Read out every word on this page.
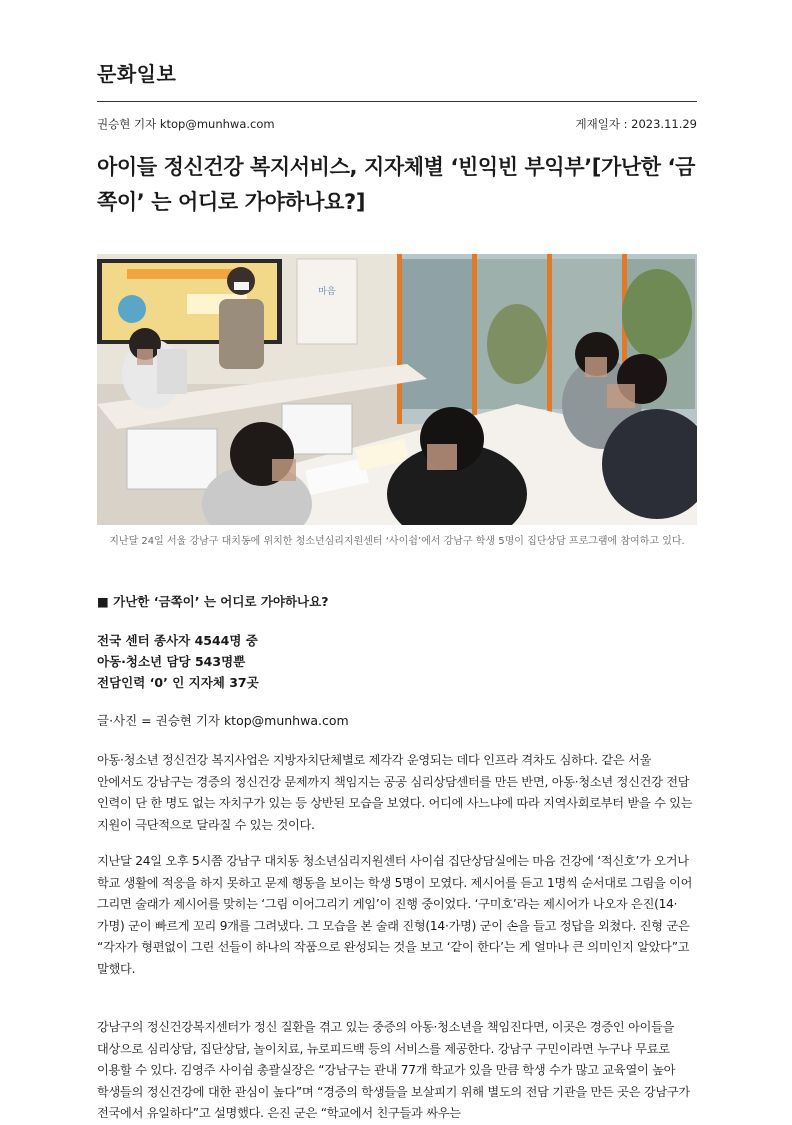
문화일보
권승현 기자 ktop@munhwa.com	게재일자 : 2023.11.29
아이들 정신건강 복지서비스, 지자체별 ‘빈익빈 부익부’[가난한 ‘금쪽이’ 는 어디로 가야하나요?]
마음
지난달 24일 서울 강남구 대치동에 위치한 청소년심리지원센터 ‘사이쉼’에서 강남구 학생 5명이 집단상담 프로그램에 참여하고 있다.
■ 가난한 ‘금쪽이’ 는 어디로 가야하나요?
전국 센터 종사자 4544명 중
아동·청소년 담당 543명뿐
전담인력 ‘0’ 인 지자체 37곳
글·사진 = 권승현 기자 ktop@munhwa.com

아동·청소년 정신건강 복지사업은 지방자치단체별로 제각각 운영되는 데다 인프라 격차도 심하다. 같은 서울 안에서도 강남구는 경증의 정신건강 문제까지 책임지는 공공 심리상담센터를 만든 반면, 아동·청소년 정신건강 전담 인력이 단 한 명도 없는 자치구가 있는 등 상반된 모습을 보였다. 어디에 사느냐에 따라 지역사회로부터 받을 수 있는 지원이 극단적으로 달라질 수 있는 것이다.

지난달 24일 오후 5시쯤 강남구 대치동 청소년심리지원센터 사이쉼 집단상담실에는 마음 건강에 ‘적신호’가 오거나 학교 생활에 적응을 하지 못하고 문제 행동을 보이는 학생 5명이 모였다. 제시어를 듣고 1명씩 순서대로 그림을 이어 그리면 술래가 제시어를 맞히는 ‘그림 이어그리기 게임’이 진행 중이었다. ‘구미호’라는 제시어가 나오자 은진(14·가명) 군이 빠르게 꼬리 9개를 그려냈다. 그 모습을 본 술래 진형(14·가명) 군이 손을 들고 정답을 외쳤다. 진형 군은 “각자가 형편없이 그린 선들이 하나의 작품으로 완성되는 것을 보고 ‘같이 한다’는 게 얼마나 큰 의미인지 알았다”고 말했다.

강남구의 정신건강복지센터가 정신 질환을 겪고 있는 중증의 아동·청소년을 책임진다면, 이곳은 경증인 아이들을 대상으로 심리상담, 집단상담, 놀이치료, 뉴로피드백 등의 서비스를 제공한다. 강남구 구민이라면 누구나 무료로 이용할 수 있다. 김영주 사이쉼 총괄실장은 “강남구는 관내 77개 학교가 있을 만큼 학생 수가 많고 교육열이 높아 학생들의 정신건강에 대한 관심이 높다”며 “경증의 학생들을 보살피기 위해 별도의 전담 기관을 만든 곳은 강남구가 전국에서 유일하다”고 설명했다. 은진 군은 “학교에서 친구들과 싸우는
